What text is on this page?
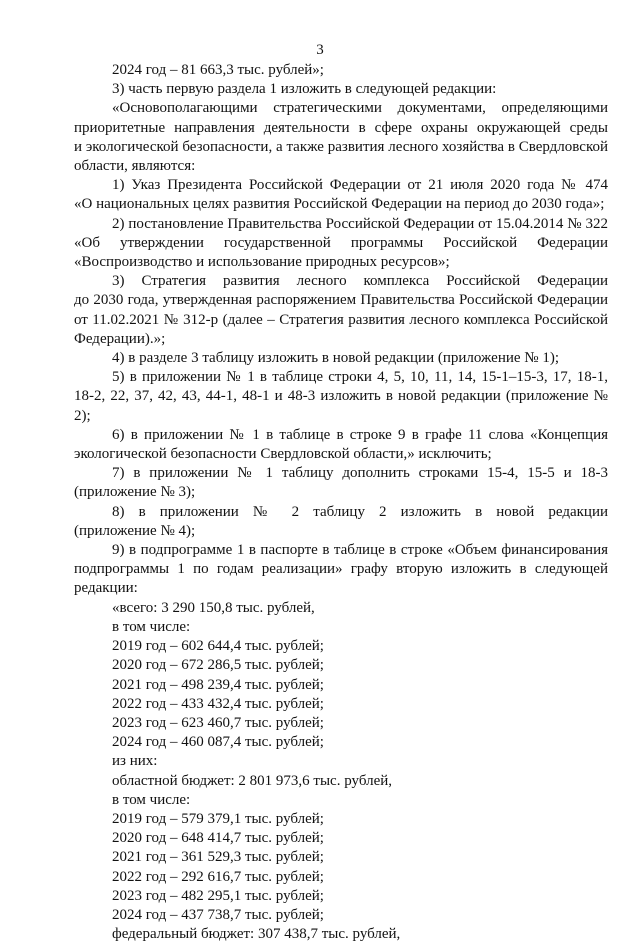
3

2024 год – 81 663,3 тыс. рублей»;

3) часть первую раздела 1 изложить в следующей редакции:

«Основополагающими стратегическими документами, определяющими

приоритетные направления деятельности в сфере охраны окружающей среды

и экологической безопасности, а также развития лесного хозяйства в Свердловской

области, являются:

1) Указ Президента Российской Федерации от 21 июля 2020 года № 474

«О национальных целях развития Российской Федерации на период до 2030 года»;

2) постановление Правительства Российской Федерации от 15.04.2014 № 322

«Об утверждении государственной программы Российской Федерации

«Воспроизводство и использование природных ресурсов»;

3) Стратегия развития лесного комплекса Российской Федерации

до 2030 года, утвержденная распоряжением Правительства Российской Федерации

от 11.02.2021 № 312-р (далее – Стратегия развития лесного комплекса Российской

Федерации).»;

4) в разделе 3 таблицу изложить в новой редакции (приложение № 1);

5) в приложении № 1 в таблице строки 4, 5, 10, 11, 14, 15-1–15-3, 17, 18-1,

18-2, 22, 37, 42, 43, 44-1, 48-1 и 48-3 изложить в новой редакции (приложение № 2);

6) в приложении № 1 в таблице в строке 9 в графе 11 слова «Концепция

экологической безопасности Свердловской области,» исключить;

7) в приложении № 1 таблицу дополнить строками 15-4, 15-5 и 18-3

(приложение № 3);

8) в приложении № 2 таблицу 2 изложить в новой редакции

(приложение № 4);

9) в подпрограмме 1 в паспорте в таблице в строке «Объем финансирования

подпрограммы 1 по годам реализации» графу вторую изложить в следующей

редакции:

«всего: 3 290 150,8 тыс. рублей,

в том числе:

2019 год – 602 644,4 тыс. рублей;

2020 год – 672 286,5 тыс. рублей;

2021 год – 498 239,4 тыс. рублей;

2022 год – 433 432,4 тыс. рублей;

2023 год – 623 460,7 тыс. рублей;

2024 год – 460 087,4 тыс. рублей;

из них:

областной бюджет: 2 801 973,6 тыс. рублей,

в том числе:

2019 год – 579 379,1 тыс. рублей;

2020 год – 648 414,7 тыс. рублей;

2021 год – 361 529,3 тыс. рублей;

2022 год – 292 616,7 тыс. рублей;

2023 год – 482 295,1 тыс. рублей;

2024 год – 437 738,7 тыс. рублей;

федеральный бюджет: 307 438,7 тыс. рублей,
